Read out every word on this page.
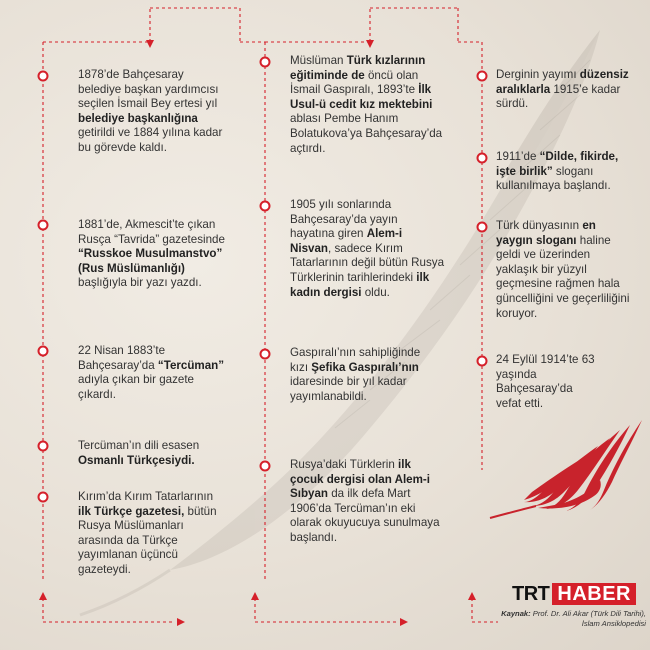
1878’de Bahçesaray belediye başkan yardımcısı seçilen İsmail Bey ertesi yıl belediye başkanlığına getirildi ve 1884 yılına kadar bu görevde kaldı.
1881’de, Akmescit’te çıkan Rusça “Tavrida” gazetesinde “Russkoe Musulmanstvo” (Rus Müslümanlığı) başlığıyla bir yazı yazdı.
22 Nisan 1883’te Bahçesaray’da “Tercüman” adıyla çıkan bir gazete çıkardı.
Tercüman’ın dili esasen Osmanlı Türkçesiydi.
Kırım’da Kırım Tatarlarının ilk Türkçe gazetesi, bütün Rusya Müslümanları arasında da Türkçe yayımlanan üçüncü gazeteydi.
Müslüman Türk kızlarının eğitiminde de öncü olan İsmail Gaspıralı, 1893’te İlk Usul-ü cedit kız mektebini ablası Pembe Hanım Bolatukova’ya Bahçesaray’da açtırdı.
1905 yılı sonlarında Bahçesaray’da yayın hayatına giren Alem-i Nisvan, sadece Kırım Tatarlarının değil bütün Rusya Türklerinin tarihlerindeki ilk kadın dergisi oldu.
Gaspıralı’nın sahipliğinde kızı Şefika Gaspıralı’nın idaresinde bir yıl kadar yayımlanabildi.
Rusya’daki Türklerin ilk çocuk dergisi olan Alem-i Sıbyan da ilk defa Mart 1906’da Tercüman’ın eki olarak okuyucuya sunulmaya başlandı.
Derginin yayımı düzensiz aralıklarla 1915’e kadar sürdü.
1911’de “Dilde, fikirde, işte birlik” sloganı kullanılmaya başlandı.
Türk dünyasının en yaygın sloganı haline geldi ve üzerinden yaklaşık bir yüzyıl geçmesine rağmen hala güncelliğini ve geçerliliğini koruyor.
24 Eylül 1914’te 63 yaşında Bahçesaray’da vefat etti.
TRT HABER
Kaynak: Prof. Dr. Ali Akar (Türk Dili Tarihi), İslam Ansiklopedisi
